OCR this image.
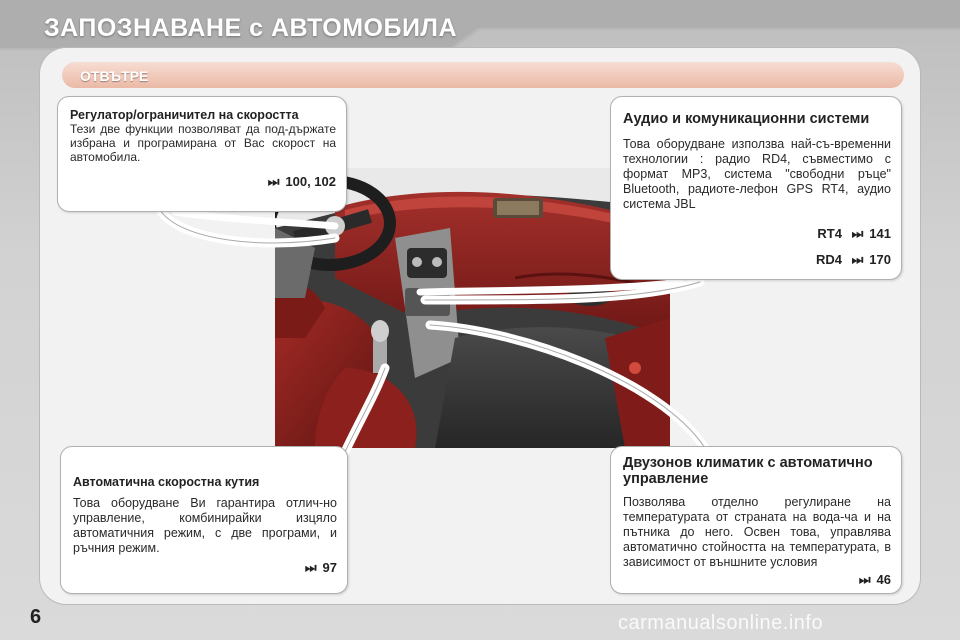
ЗАПОЗНАВАНЕ с АВТОМОБИЛА
ОТВЪТРЕ
Регулатор/ограничител на скоростта
Тези две функции позволяват да под-държате избрана и програмирана от Вас скорост на автомобила.
⏭ 100, 102
Аудио и комуникационни системи
Това оборудване използва най-съ-временни технологии : радио RD4, съвместимо с формат MP3, система "свободни ръце" Bluetooth, радиоте-лефон GPS RT4, аудио система JBL
RT4 ⏭ 141
RD4 ⏭ 170
Автоматична скоростна кутия
Това оборудване Ви гарантира отлич-но управление, комбинирайки изцяло автоматичния режим, с две програми, и ръчния режим.
⏭ 97
Двузонов климатик с автоматично управление
Позволява отделно регулиране на температурата от страната на вода-ча и на пътника до него. Освен това, управлява автоматично стойността на температурата, в зависимост от външните условия
⏭ 46
6	carmanualsonline.info
